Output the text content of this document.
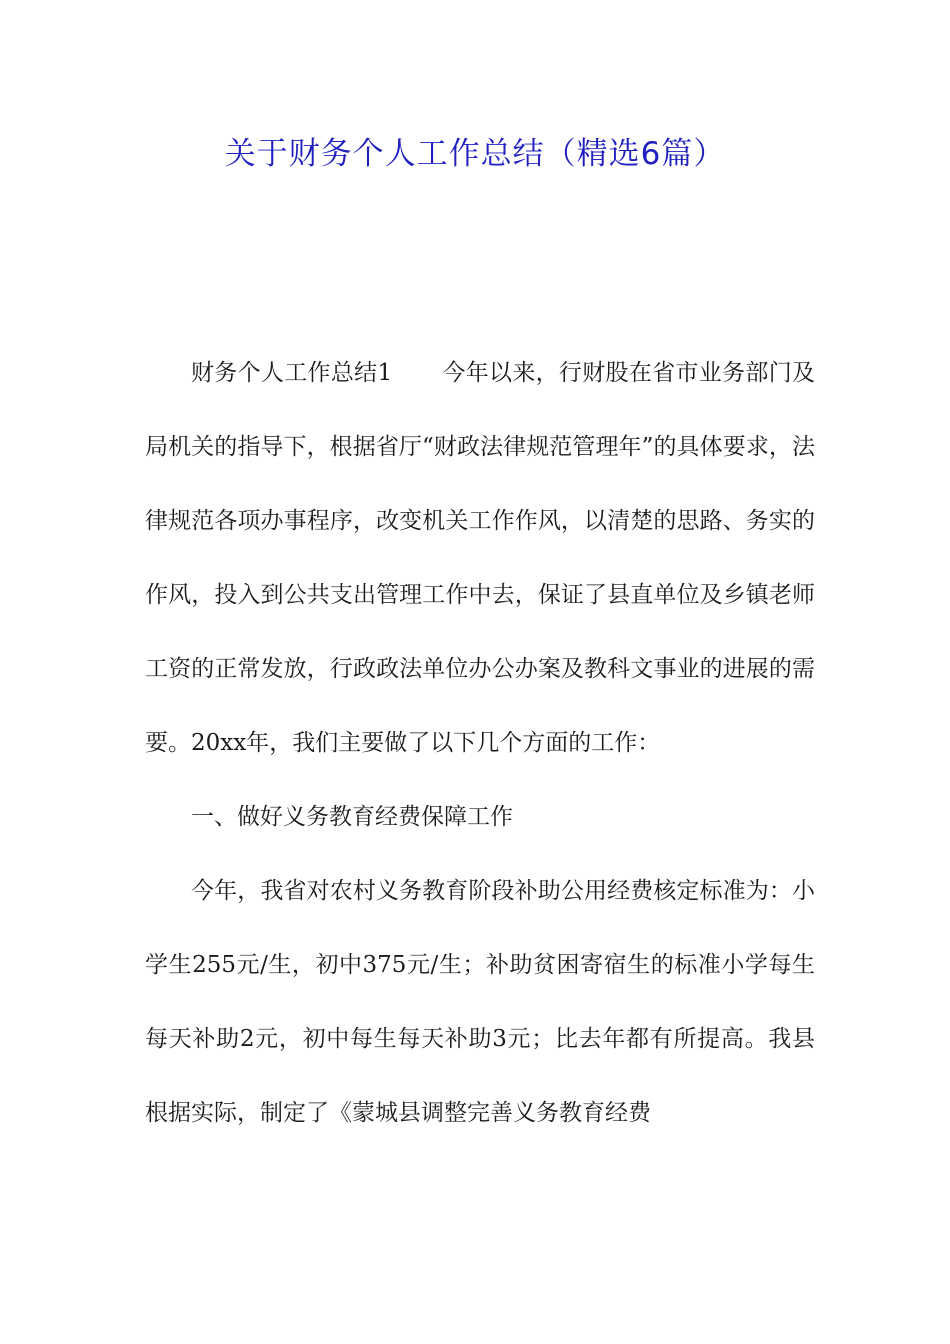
关于财务个人工作总结（精选6篇）

财务个人工作总结1 今年以来，行财股在省市业务部门及局机关的指导下，根据省厅“财政法律规范管理年”的具体要求，法律规范各项办事程序，改变机关工作作风，以清楚的思路、务实的作风，投入到公共支出管理工作中去，保证了县直单位及乡镇老师工资的正常发放，行政政法单位办公办案及教科文事业的进展的需要。20xx年，我们主要做了以下几个方面的工作：

一、做好义务教育经费保障工作

今年，我省对农村义务教育阶段补助公用经费核定标准为：小学生255元/生，初中375元/生；补助贫困寄宿生的标准小学每生每天补助2元，初中每生每天补助3元；比去年都有所提高。我县根据实际，制定了《蒙城县调整完善义务教育经费
